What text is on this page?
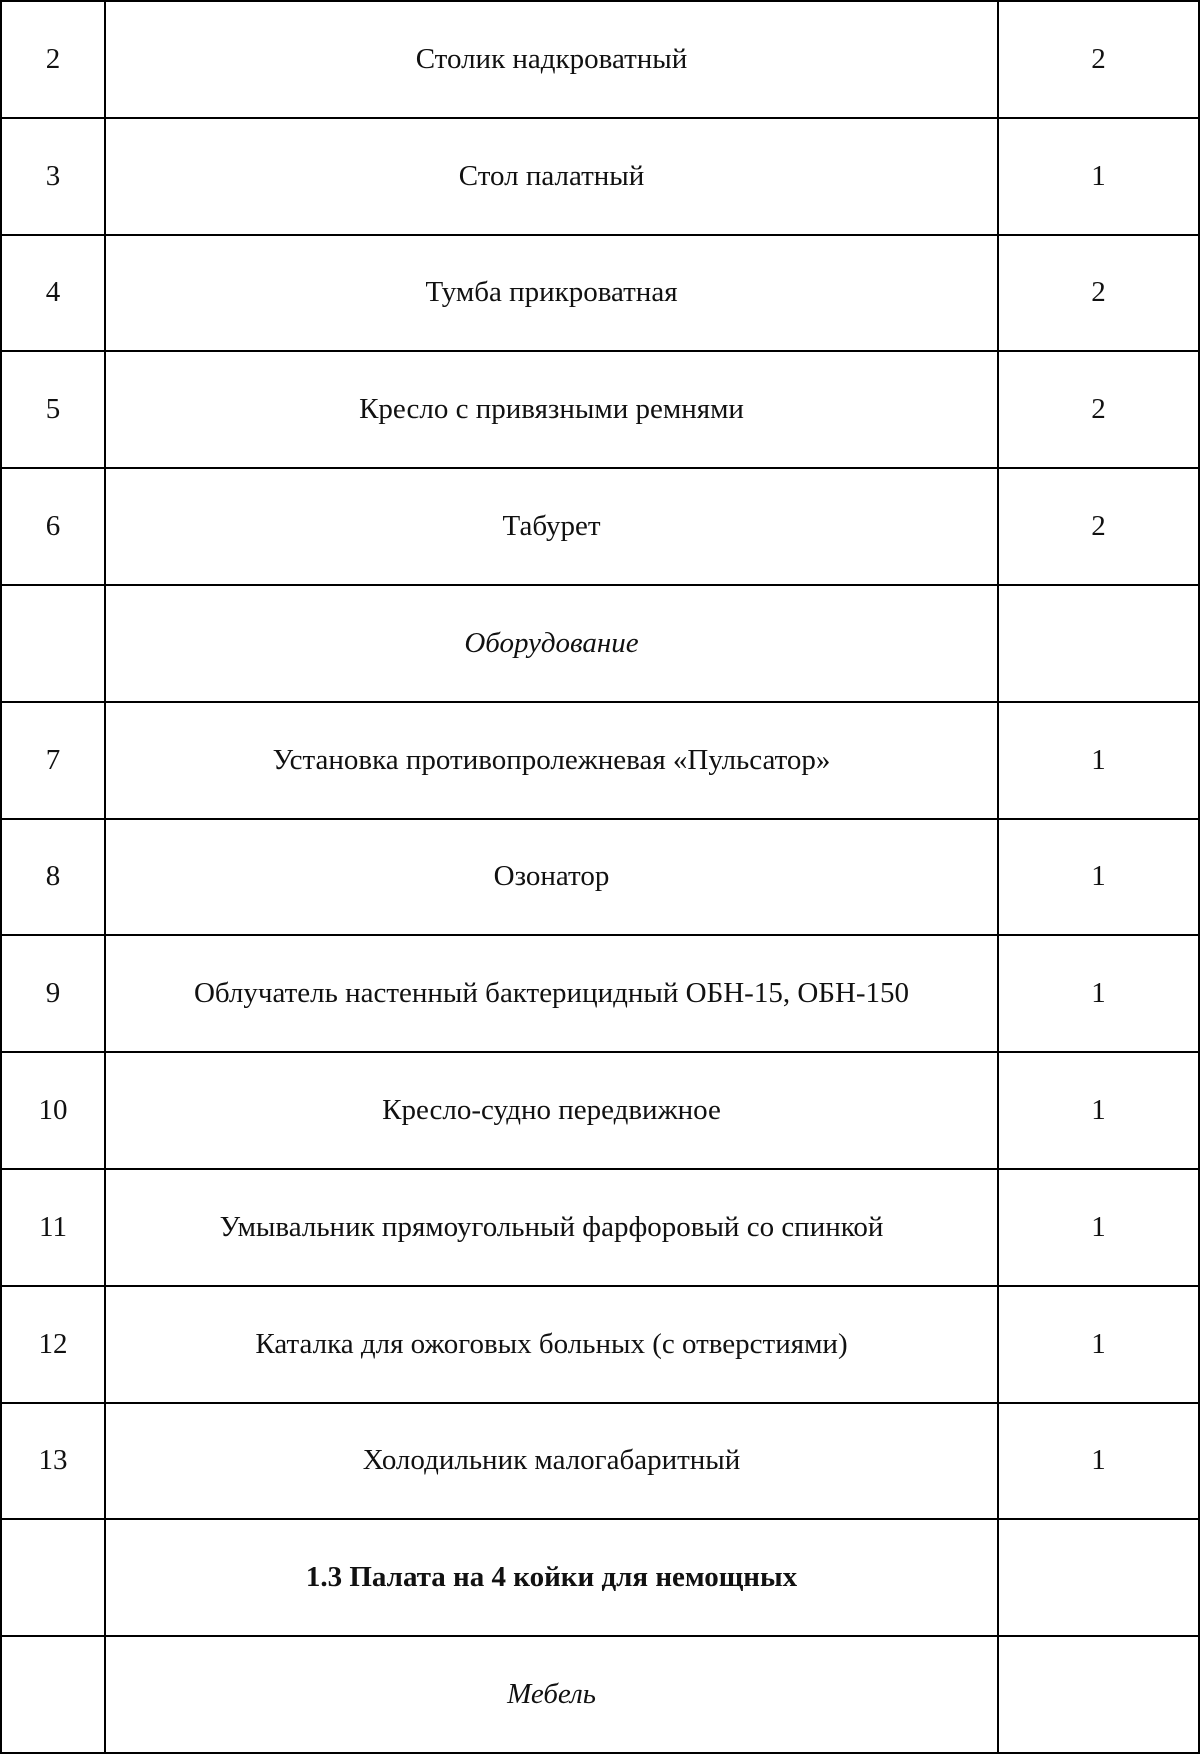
2	Столик надкроватный	2
3	Стол палатный	1
4	Тумба прикроватная	2
5	Кресло с привязными ремнями	2
6	Табурет	2
	Оборудование	
7	Установка противопролежневая «Пульсатор»	1
8	Озонатор	1
9	Облучатель настенный бактерицидный ОБН-15, ОБН-150	1
10	Кресло-судно передвижное	1
11	Умывальник прямоугольный фарфоровый со спинкой	1
12	Каталка для ожоговых больных (с отверстиями)	1
13	Холодильник малогабаритный	1
	1.3 Палата на 4 койки для немощных	
	Мебель	
